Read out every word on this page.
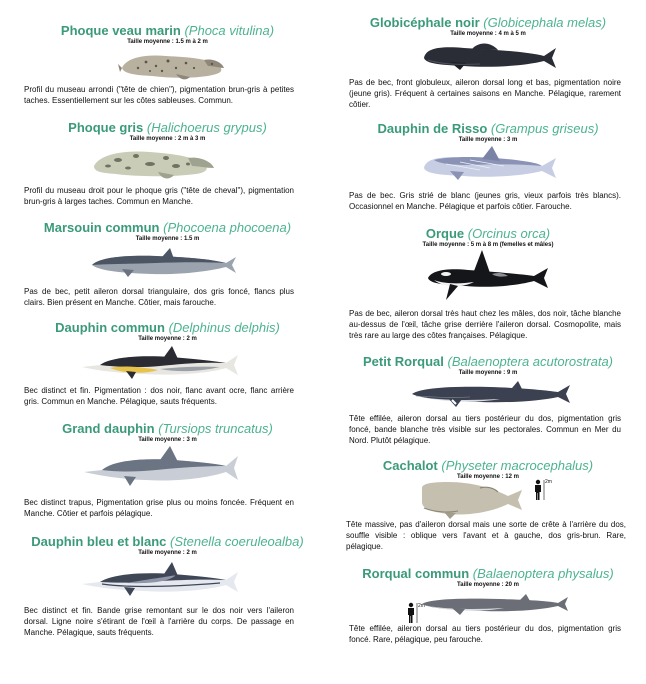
Phoque veau marin (Phoca vitulina)
Taille moyenne : 1.5 m à 2 m
Profil du museau arrondi ("tête de chien"), pigmentation brun-gris à petites taches. Essentiellement sur les côtes sableuses. Commun.
Phoque gris (Halichoerus grypus)
Taille moyenne : 2 m à 3 m
Profil du museau droit pour le phoque gris ("tête de cheval"), pigmentation brun-gris à larges taches. Commun en Manche.
Marsouin commun (Phocoena phocoena)
Taille moyenne : 1.5 m
Pas de bec, petit aileron dorsal triangulaire, dos gris foncé, flancs plus clairs. Bien présent en Manche. Côtier, mais farouche.
Dauphin commun (Delphinus delphis)
Taille moyenne : 2 m
Bec distinct et fin. Pigmentation : dos noir, flanc avant ocre, flanc arrière gris. Commun en Manche. Pélagique, sauts fréquents.
Grand dauphin (Tursiops truncatus)
Taille moyenne : 3 m
Bec distinct trapus, Pigmentation grise plus ou moins foncée. Fréquent en Manche. Côtier et parfois pélagique.
Dauphin bleu et blanc (Stenella coeruleoalba)
Taille moyenne : 2 m
Bec distinct et fin. Bande grise remontant sur le dos noir vers l'aileron dorsal. Ligne noire s'étirant de l'œil à l'arrière du corps. De passage en Manche. Pélagique, sauts fréquents.
Globicéphale noir (Globicephala melas)
Taille moyenne : 4 m à 5 m
Pas de bec, front globuleux, aileron dorsal long et bas, pigmentation noire (jeune gris). Fréquent à certaines saisons en Manche. Pélagique, rarement côtier.
Dauphin de Risso (Grampus griseus)
Taille moyenne : 3 m
Pas de bec. Gris strié de blanc (jeunes gris, vieux parfois très blancs). Occasionnel en Manche. Pélagique et parfois côtier. Farouche.
Orque (Orcinus orca)
Taille moyenne : 5 m à 8 m (femelles et mâles)
Pas de bec, aileron dorsal très haut chez les mâles, dos noir, tâche blanche au-dessus de l'œil, tâche grise derrière l'aileron dorsal. Cosmopolite, mais très rare au large des côtes françaises. Pélagique.
Petit Rorqual (Balaenoptera acutorostrata)
Taille moyenne : 9 m
Tête effilée, aileron dorsal au tiers postérieur du dos, pigmentation gris foncé, bande blanche très visible sur les pectorales. Commun en Mer du Nord. Plutôt pélagique.
Cachalot (Physeter macrocephalus)
Taille moyenne : 12 m
2m
Tête massive, pas d'aileron dorsal mais une sorte de crête à l'arrière du dos, souffle visible : oblique vers l'avant et à gauche, dos gris-brun. Rare, pélagique.
Rorqual commun (Balaenoptera physalus)
Taille moyenne : 20 m
2m
Tête effilée, aileron dorsal au tiers postérieur du dos, pigmentation gris foncé. Rare, pélagique, peu farouche.
